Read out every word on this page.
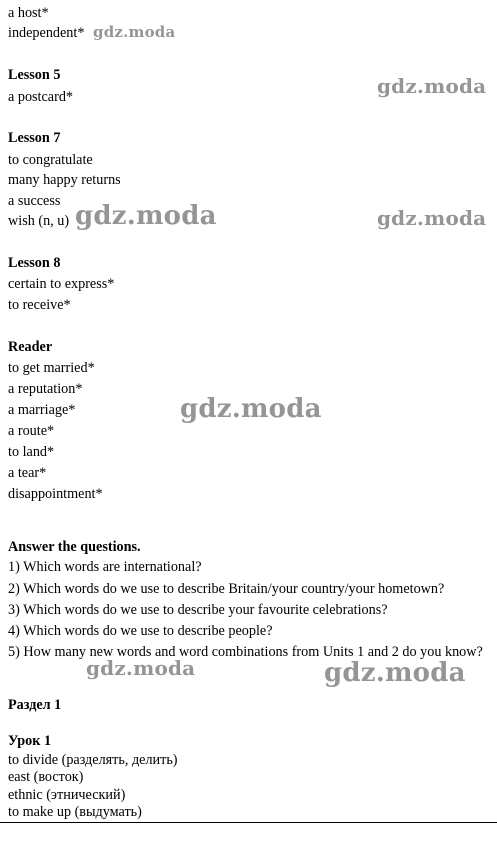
a host*
independent*
Lesson 5
a postcard*
Lesson 7
to congratulate
many happy returns
a success
wish (n, u)
Lesson 8
certain to express*
to receive*
Reader
to get married*
a reputation*
a marriage*
a route*
to land*
a tear*
disappointment*
Answer the questions.
1) Which words are international?
2) Which words do we use to describe Britain/your country/your hometown?
3) Which words do we use to describe your favourite celebrations?
4) Which words do we use to describe people?
5) How many new words and word combinations from Units 1 and 2 do you know?
Раздел 1
Урок 1
to divide (разделять, делить)
east (восток)
ethnic (этнический)
to make up (выдумать)
gdz.moda
gdz.moda
gdz.moda	gdz.moda
gdz.moda
gdz.moda	gdz.moda
